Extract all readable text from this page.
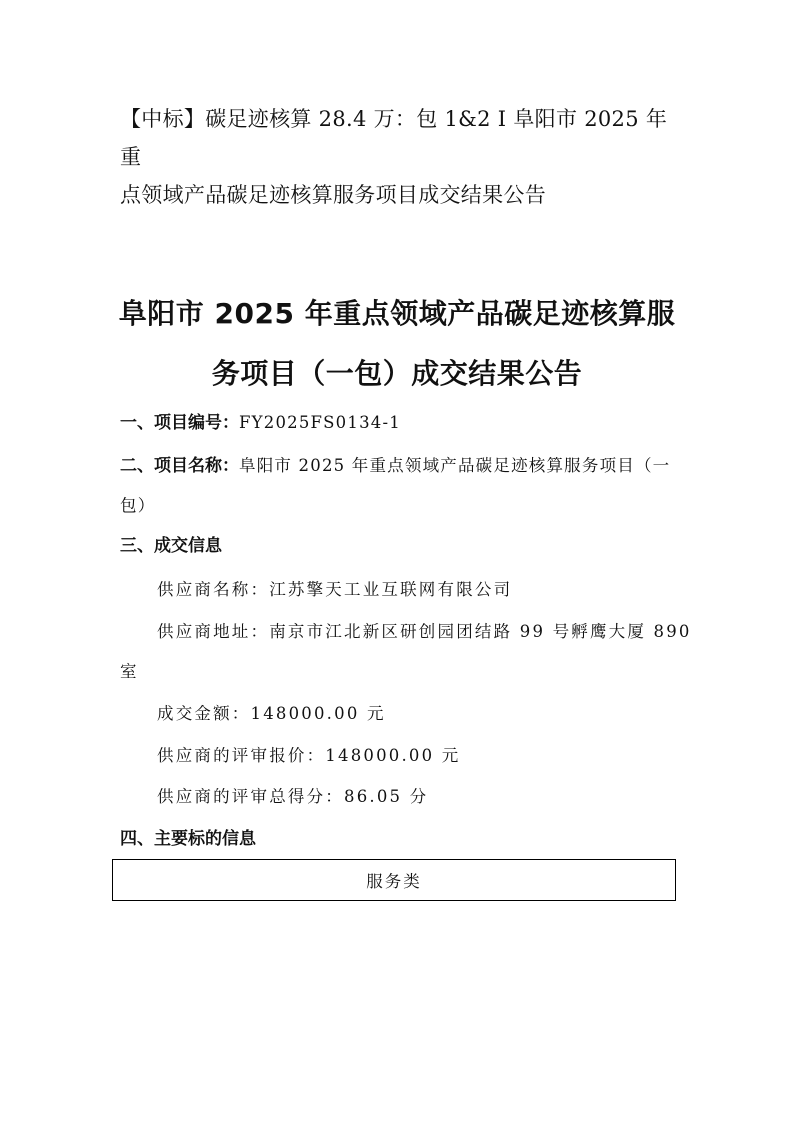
【中标】碳足迹核算 28.4 万：包 1&2 I 阜阳市 2025 年重
点领域产品碳足迹核算服务项目成交结果公告
阜阳市 2025 年重点领域产品碳足迹核算服
务项目（一包）成交结果公告
一、项目编号：FY2025FS0134-1
二、项目名称：阜阳市 2025 年重点领域产品碳足迹核算服务项目（一
包）
三、成交信息
供应商名称：江苏擎天工业互联网有限公司
供应商地址：南京市江北新区研创园团结路 99 号孵鹰大厦 890
室
成交金额：148000.00 元
供应商的评审报价：148000.00 元
供应商的评审总得分：86.05 分
四、主要标的信息
服务类
